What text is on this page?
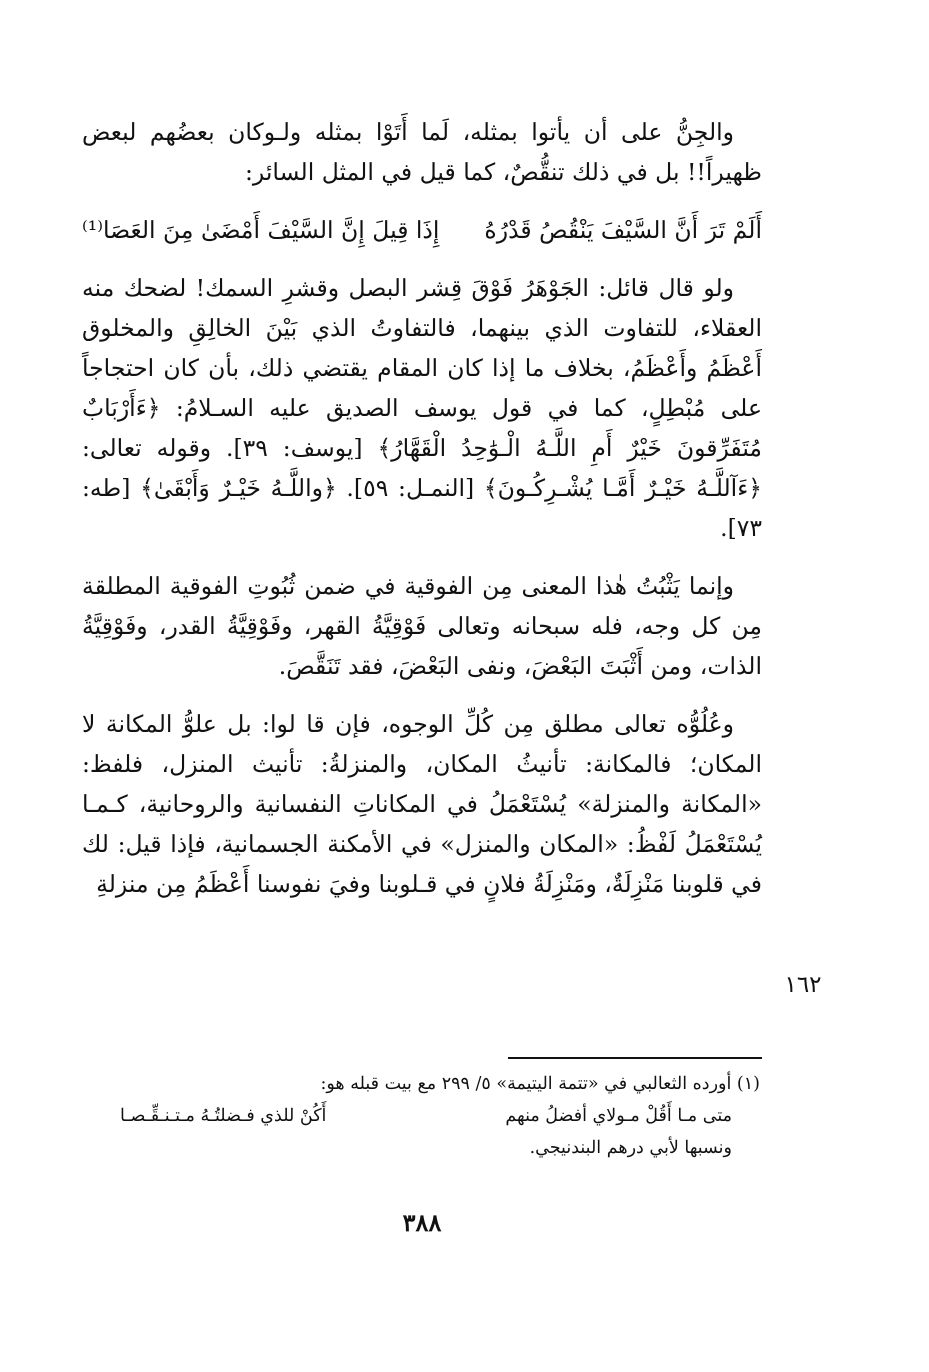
والجِنُّ على أن يأتوا بمثله، لَما أَتَوْا بمثله ولـوكان بعضُهم لبعض ظهيراً!! بل في ذلك تنقُّصٌ، كما قيل في المثل السائر:

أَلَمْ تَرَ أَنَّ السَّيْفَ يَنْقُصُ قَدْرُهُ
إِذَا قِيلَ إِنَّ السَّيْفَ أَمْضَىٰ مِنَ العَصَا⁽¹⁾

ولو قال قائل: الجَوْهَرُ فَوْقَ قِشر البصل وقشرِ السمك! لضحك منه العقلاء، للتفاوت الذي بينهما، فالتفاوتُ الذي بَيْنَ الخالِقِ والمخلوق أَعْظَمُ وأَعْظَمُ، بخلاف ما إذا كان المقام يقتضي ذلك، بأن كان احتجاجاً على مُبْطِلٍ، كما في قول يوسف الصديق عليه السـلامُ: ﴿ءَأَرْبَابٌ مُتَفَرِّقونَ خَيْرٌ أَمِ اللَّـهُ الْـوَٰحِدُ الْقَهَّارُ﴾ [يوسف: ٣٩]. وقوله تعالى: ﴿ءَآللَّـهُ خَيْـرٌ أَمَّـا يُشْـرِكُـونَ﴾ [النمـل: ٥٩]. ﴿واللَّـهُ خَيْـرٌ وَأَبْقَىٰ﴾ [طه: ٧٣].

وإنما يَثْبُتُ هٰذا المعنى مِن الفوقية في ضمن ثُبُوتِ الفوقية المطلقة مِن كل وجه، فله سبحانه وتعالى فَوْقِيَّةُ القهر، وفَوْقِيَّةُ القدر، وفَوْقِيَّةُ الذات، ومن أَثْبَتَ البَعْضَ، ونفى البَعْضَ، فقد تَنَقَّصَ.

وعُلُوُّه تعالى مطلق مِن كُلِّ الوجوه، فإن قا لوا: بل علوُّ المكانة لا المكان؛ فالمكانة: تأنيثُ المكان، والمنزلةُ: تأنيث المنزل، فلفظ: «المكانة والمنزلة» يُسْتَعْمَلُ في المكاناتِ النفسانية والروحانية، كـمـا يُسْتَعْمَلُ لَفْظُ: «المكان والمنزل» في الأمكنة الجسمانية، فإذا قيل: لك في قلوبنا مَنْزِلَةٌ، ومَنْزِلَةُ فلانٍ في قـلوبنا وفيَ نفوسنا أَعْظَمُ مِن منزلةِ

١٦٢

(١) أورده الثعالبي في «تتمة اليتيمة» ٥/ ٢٩٩ مع بيت قبله هو:

متى مـا أَقُلْ مـولاي أفضلُ منهم
أَكُنْ للذي فـضلتُـهُ مـتـنـقِّـصـا

ونسبها لأبي درهم البندنيجي.

٣٨٨
